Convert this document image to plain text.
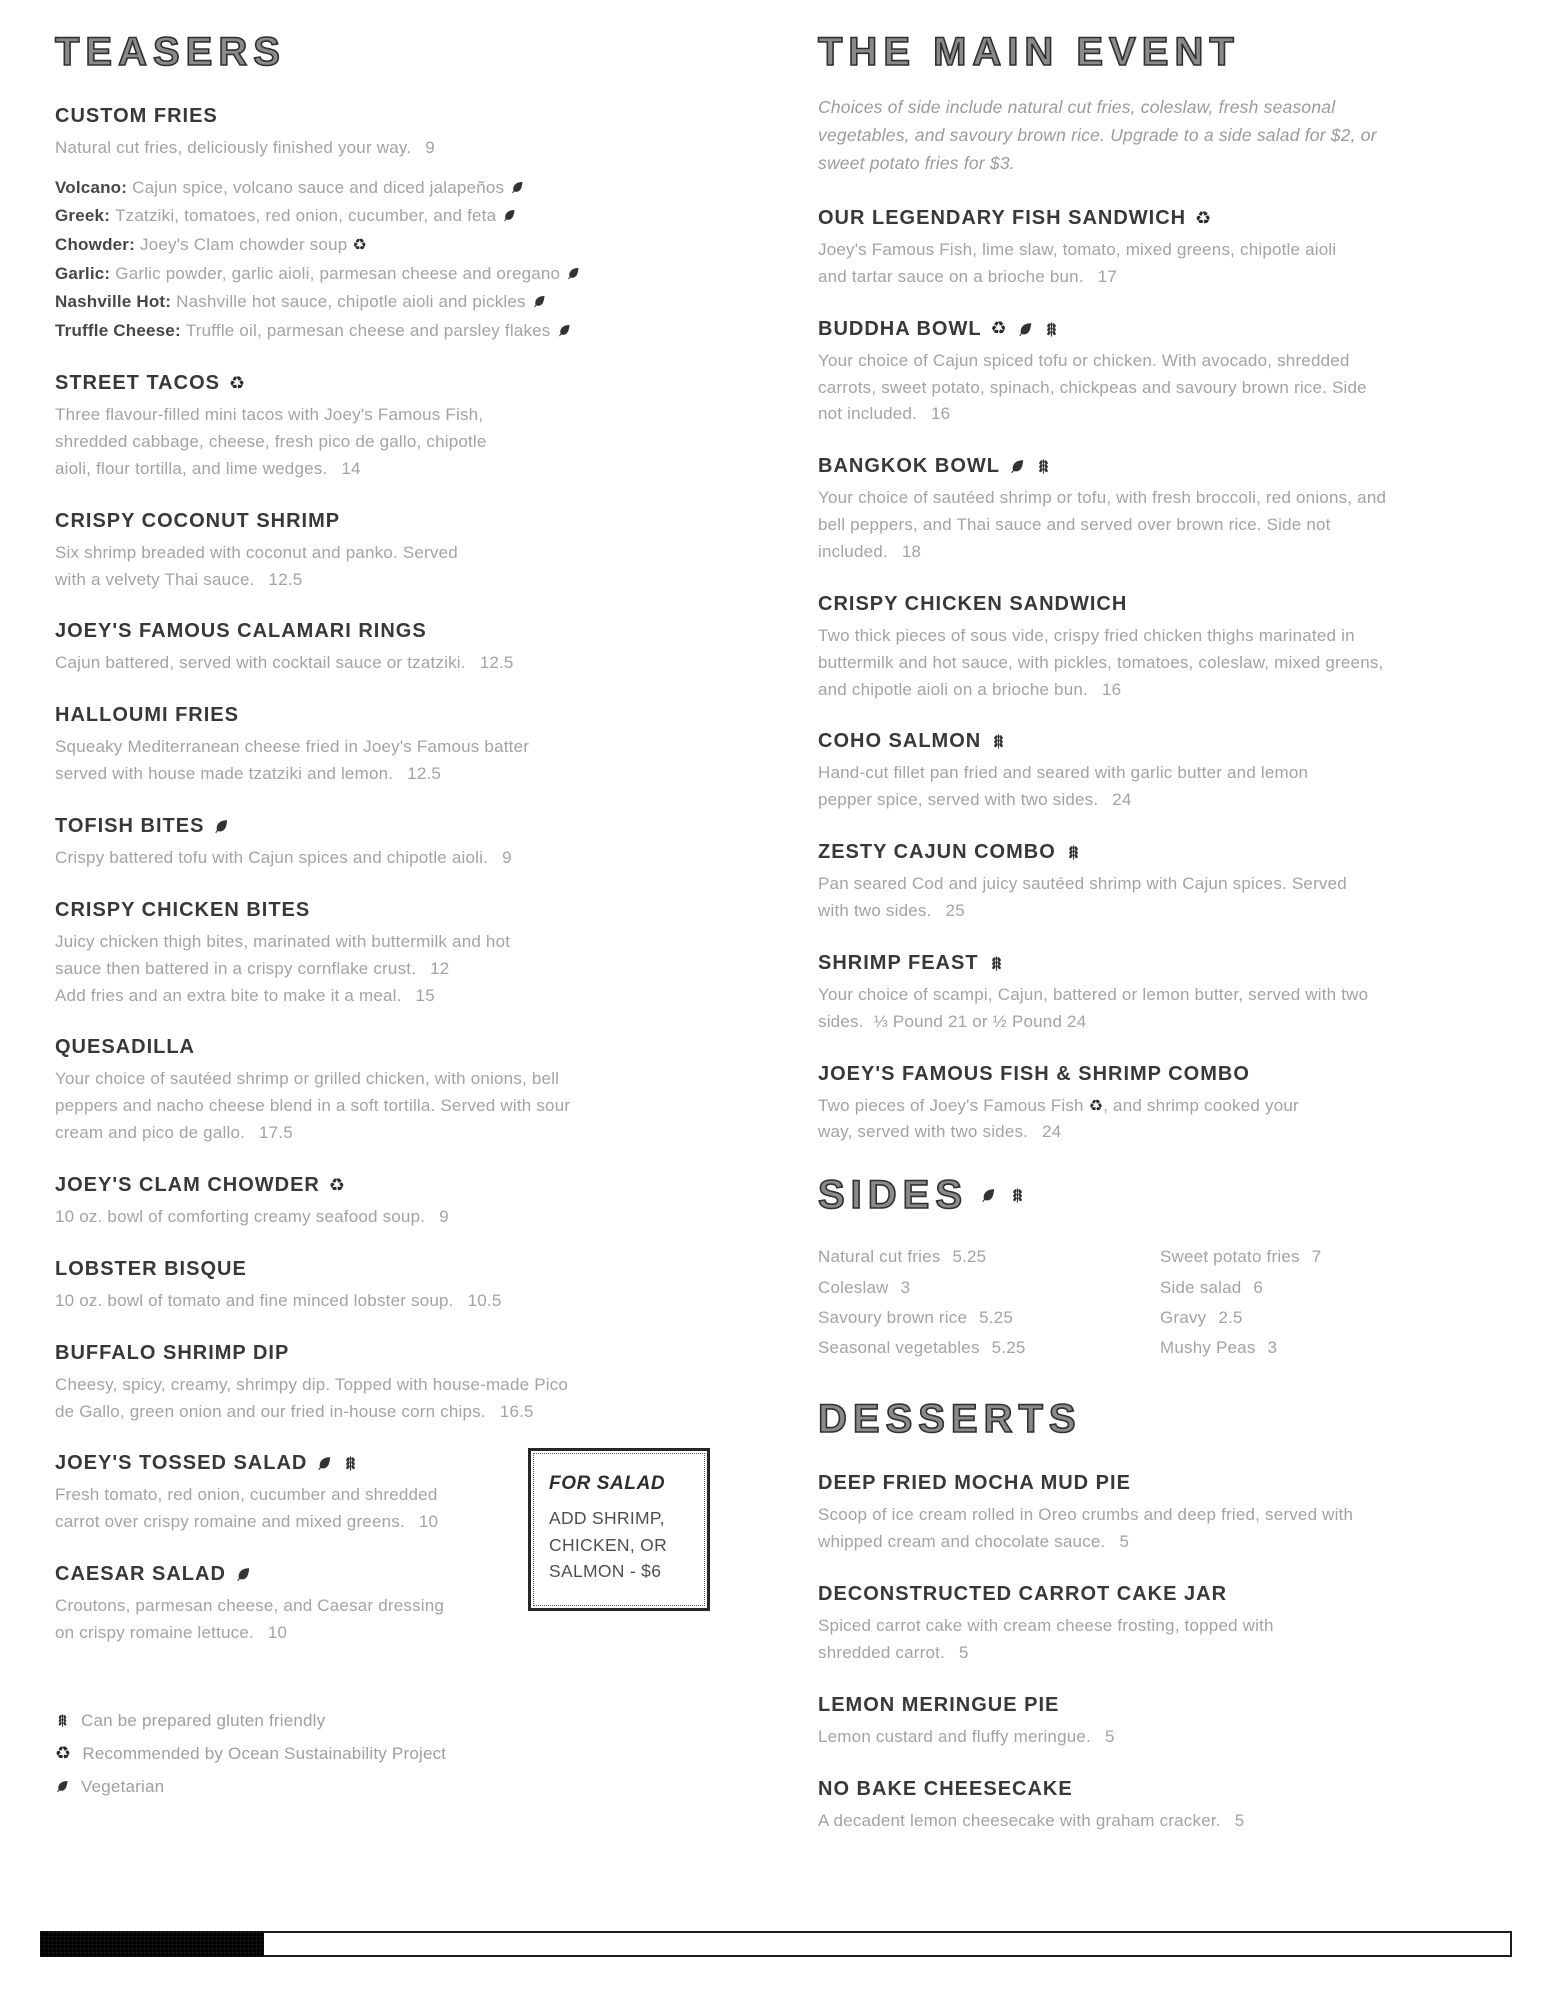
TEASERS
CUSTOM FRIES

Natural cut fries, deliciously finished your way. 9

Volcano: Cajun spice, volcano sauce and diced jalapeños

Greek: Tzatziki, tomatoes, red onion, cucumber, and feta

Chowder: Joey's Clam chowder soup ♻

Garlic: Garlic powder, garlic aioli, parmesan cheese and oregano

Nashville Hot: Nashville hot sauce, chipotle aioli and pickles

Truffle Cheese: Truffle oil, parmesan cheese and parsley flakes

STREET TACOS ♻

Three flavour-filled mini tacos with Joey's Famous Fish, shredded cabbage, cheese, fresh pico de gallo, chipotle aioli, flour tortilla, and lime wedges. 14

CRISPY COCONUT SHRIMP

Six shrimp breaded with coconut and panko. Served with a velvety Thai sauce. 12.5

JOEY'S FAMOUS CALAMARI RINGS

Cajun battered, served with cocktail sauce or tzatziki. 12.5

HALLOUMI FRIES

Squeaky Mediterranean cheese fried in Joey's Famous batter served with house made tzatziki and lemon. 12.5

TOFISH BITES

Crispy battered tofu with Cajun spices and chipotle aioli. 9

CRISPY CHICKEN BITES

Juicy chicken thigh bites, marinated with buttermilk and hot sauce then battered in a crispy cornflake crust. 12
Add fries and an extra bite to make it a meal. 15

QUESADILLA

Your choice of sautéed shrimp or grilled chicken, with onions, bell peppers and nacho cheese blend in a soft tortilla. Served with sour cream and pico de gallo. 17.5

JOEY'S CLAM CHOWDER ♻

10 oz. bowl of comforting creamy seafood soup. 9

LOBSTER BISQUE

10 oz. bowl of tomato and fine minced lobster soup. 10.5

BUFFALO SHRIMP DIP

Cheesy, spicy, creamy, shrimpy dip. Topped with house-made Pico de Gallo, green onion and our fried in-house corn chips. 16.5

JOEY'S TOSSED SALAD

Fresh tomato, red onion, cucumber and shredded carrot over crispy romaine and mixed greens. 10

FOR SALAD

ADD SHRIMP,

CHICKEN, OR

SALMON - $6

CAESAR SALAD

Croutons, parmesan cheese, and Caesar dressing on crispy romaine lettuce. 10

Can be prepared gluten friendly

♻ Recommended by Ocean Sustainability Project

Vegetarian

THE MAIN EVENT

Choices of side include natural cut fries, coleslaw, fresh seasonal vegetables, and savoury brown rice. Upgrade to a side salad for $2, or sweet potato fries for $3.

OUR LEGENDARY FISH SANDWICH ♻

Joey's Famous Fish, lime slaw, tomato, mixed greens, chipotle aioli and tartar sauce on a brioche bun. 17

BUDDHA BOWL ♻

Your choice of Cajun spiced tofu or chicken. With avocado, shredded carrots, sweet potato, spinach, chickpeas and savoury brown rice. Side not included. 16

BANGKOK BOWL

Your choice of sautéed shrimp or tofu, with fresh broccoli, red onions, and bell peppers, and Thai sauce and served over brown rice. Side not included. 18

CRISPY CHICKEN SANDWICH

Two thick pieces of sous vide, crispy fried chicken thighs marinated in buttermilk and hot sauce, with pickles, tomatoes, coleslaw, mixed greens, and chipotle aioli on a brioche bun. 16

COHO SALMON

Hand-cut fillet pan fried and seared with garlic butter and lemon pepper spice, served with two sides. 24

ZESTY CAJUN COMBO

Pan seared Cod and juicy sautéed shrimp with Cajun spices. Served with two sides. 25

SHRIMP FEAST

Your choice of scampi, Cajun, battered or lemon butter, served with two sides. ⅓ Pound 21 or ½ Pound 24

JOEY'S FAMOUS FISH & SHRIMP COMBO

Two pieces of Joey's Famous Fish ♻, and shrimp cooked your way, served with two sides. 24

SIDES

Natural cut fries 5.25

Coleslaw 3

Savoury brown rice 5.25

Seasonal vegetables 5.25

Sweet potato fries 7

Side salad 6

Gravy 2.5

Mushy Peas 3

DESSERTS
DEEP FRIED MOCHA MUD PIE

Scoop of ice cream rolled in Oreo crumbs and deep fried, served with whipped cream and chocolate sauce. 5

DECONSTRUCTED CARROT CAKE JAR

Spiced carrot cake with cream cheese frosting, topped with shredded carrot. 5

LEMON MERINGUE PIE

Lemon custard and fluffy meringue. 5

NO BAKE CHEESECAKE

A decadent lemon cheesecake with graham cracker. 5
